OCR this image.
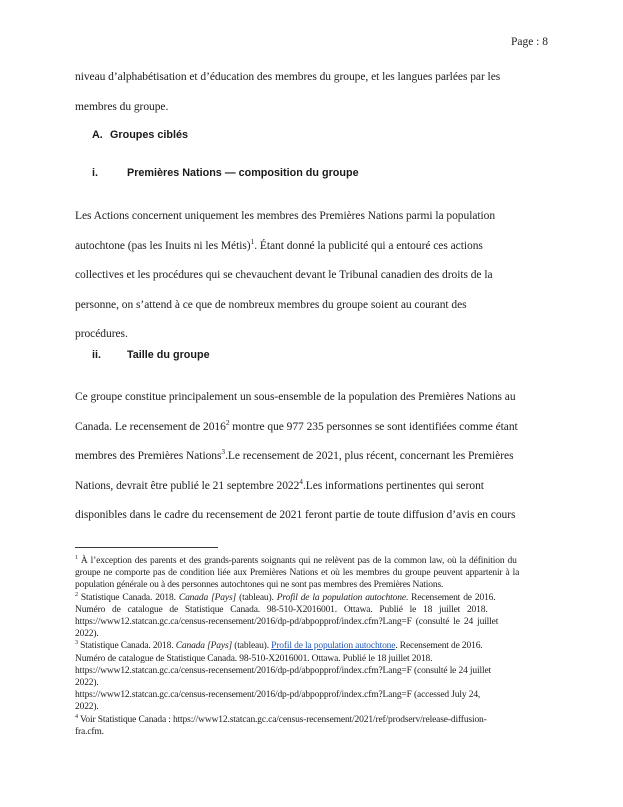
Page : 8
niveau d’alphabétisation et d’éducation des membres du groupe, et les langues parlées par les
membres du groupe.
A. Groupes ciblés
i.	Premières Nations — composition du groupe
Les Actions concernent uniquement les membres des Premières Nations parmi la population
autochtone (pas les Inuits ni les Métis)$^1$. Étant donné la publicité qui a entouré ces actions
collectives et les procédures qui se chevauchent devant le Tribunal canadien des droits de la
personne, on s’attend à ce que de nombreux membres du groupe soient au courant des
procédures.
ii.	Taille du groupe
Ce groupe constitue principalement un sous-ensemble de la population des Premières Nations au
Canada. Le recensement de 2016$^2$ montre que 977 235 personnes se sont identifiées comme étant
membres des Premières Nations$^3$.Le recensement de 2021, plus récent, concernant les Premières
Nations, devrait être publié le 21 septembre 2022$^4$.Les informations pertinentes qui seront
disponibles dans le cadre du recensement de 2021 feront partie de toute diffusion d’avis en cours
$^1$ À l’exception des parents et des grands-parents soignants qui ne relèvent pas de la common law, où la définition du
groupe ne comporte pas de condition liée aux Premières Nations et où les membres du groupe peuvent appartenir à la
population générale ou à des personnes autochtones qui ne sont pas membres des Premières Nations.
$^2$ Statistique Canada. 2018. Canada [Pays] (tableau). Profil de la population autochtone. Recensement de 2016.
Numéro de catalogue de Statistique Canada. 98-510-X2016001. Ottawa. Publié le 18 juillet 2018.
https://www12.statcan.gc.ca/census-recensement/2016/dp-pd/abpopprof/index.cfm?Lang=F (consulté le 24 juillet
2022).
$^3$ Statistique Canada. 2018. Canada [Pays] (tableau). Profil de la population autochtone. Recensement de 2016.
Numéro de catalogue de Statistique Canada. 98-510-X2016001. Ottawa. Publié le 18 juillet 2018.
https://www12.statcan.gc.ca/census-recensement/2016/dp-pd/abpopprof/index.cfm?Lang=F (consulté le 24 juillet
2022).
https://www12.statcan.gc.ca/census-recensement/2016/dp-pd/abpopprof/index.cfm?Lang=F (accessed July 24,
2022).
$^4$ Voir Statistique Canada : https://www12.statcan.gc.ca/census-recensement/2021/ref/prodserv/release-diffusion-
fra.cfm.
